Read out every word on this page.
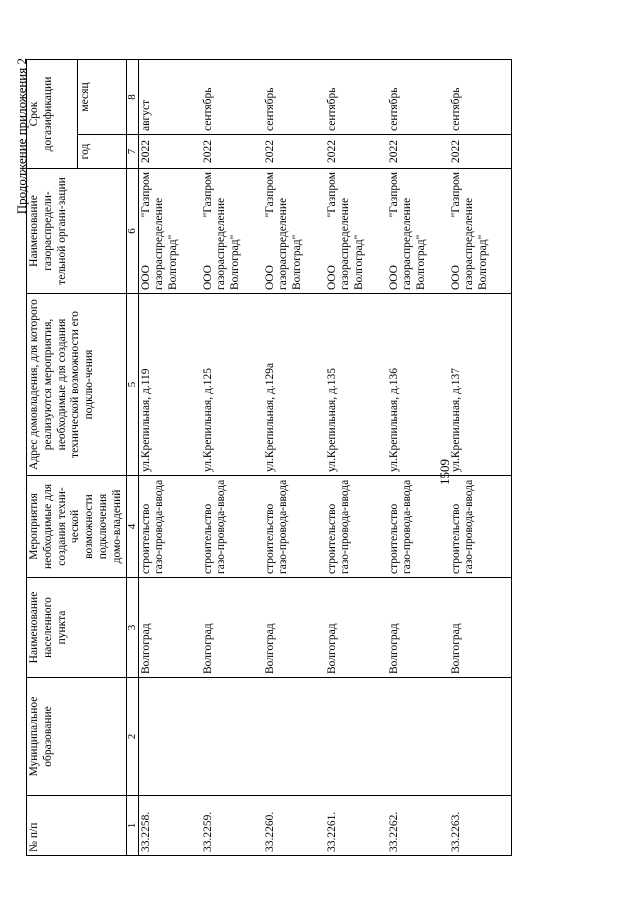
1509
Продолжение приложения 2
№ п/п	Муниципальное образование	Наименование населенного пункта	Мероприятия необходимые для создания техни-ческой возможности подключения домо-владений	Адрес домовладения, для которого реализуются мероприятия, необходимые для создания технической возможности его подклю-чения	Наименование газораспредели-тельной органи-зации	Срок догазификации	
						год	месяц
1	2	3	4	5	6	7	8
33.2258.		Волгоград	строительство газо-провода-ввода	ул.Крепильная, д.119	ООО "Газпром газораспределение Волгоград"	2022	август
33.2259.		Волгоград	строительство газо-провода-ввода	ул.Крепильная, д.125	ООО "Газпром газораспределение Волгоград"	2022	сентябрь
33.2260.		Волгоград	строительство газо-провода-ввода	ул.Крепильная, д.129а	ООО "Газпром газораспределение Волгоград"	2022	сентябрь
33.2261.		Волгоград	строительство газо-провода-ввода	ул.Крепильная, д.135	ООО "Газпром газораспределение Волгоград"	2022	сентябрь
33.2262.		Волгоград	строительство газо-провода-ввода	ул.Крепильная, д.136	ООО "Газпром газораспределение Волгоград"	2022	сентябрь
33.2263.		Волгоград	строительство газо-провода-ввода	ул.Крепильная, д.137	ООО "Газпром газораспределение Волгоград"	2022	сентябрь
